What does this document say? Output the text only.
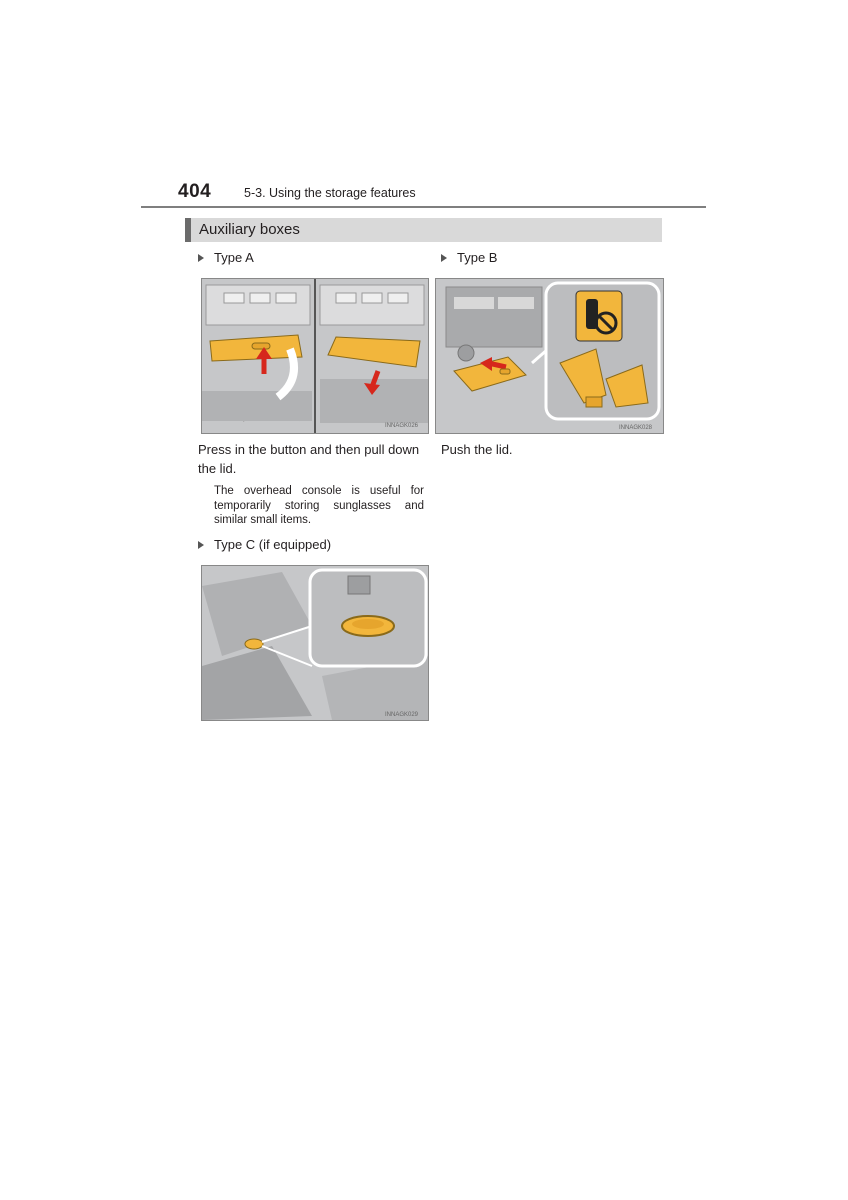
404	5-3. Using the storage features
Auxiliary boxes
Type A
INNAGK026
Press in the button and then pull down the lid.
The overhead console is useful for temporarily storing sunglasses and similar small items.
Type B
INNAGK028
Push the lid.
Type C (if equipped)
INNAGK029
